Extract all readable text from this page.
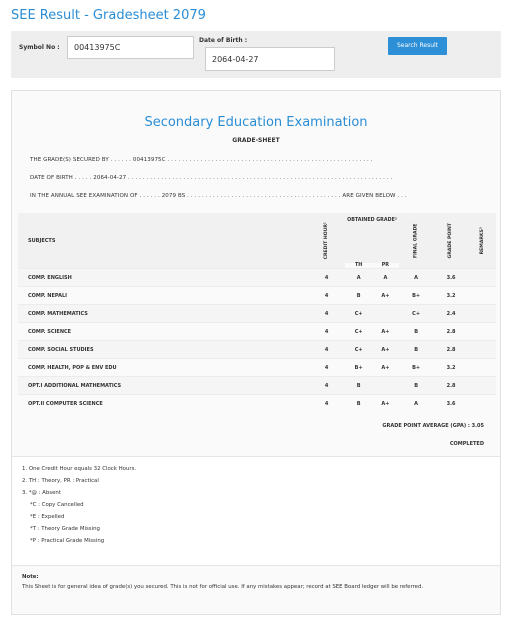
SEE Result - Gradesheet 2079
Symbol No :	00413975C
Date of Birth :
2064-04-27
Search Result
Secondary Education Examination
GRADE-SHEET
THE GRADE(S) SECURED BY . . . . . . 00413975C . . . . . . . . . . . . . . . . . . . . . . . . . . . . . . . . . . . . . . . . . . . . . . . . . . . . . . . .
DATE OF BIRTH . . . . . 2064-04-27 . . . . . . . . . . . . . . . . . . . . . . . . . . . . . . . . . . . . . . . . . . . . . . . . . . . . . . . . . . . . . . . . . . . . . . . .
IN THE ANNUAL SEE EXAMINATION OF . . . . . . 2079 BS . . . . . . . . . . . . . . . . . . . . . . . . . . . . . . . . . . . . . . . . . . ARE GIVEN BELOW . . .
SUBJECTS	CREDIT HOUR¹	OBTAINED GRADE²		FINAL GRADE	GRADE POINT	REMARKS³

		TH	PR			
COMP. ENGLISH	4	A	A	A	3.6	
COMP. NEPALI	4	B	A+	B+	3.2	
COMP. MATHEMATICS	4	C+		C+	2.4	
COMP. SCIENCE	4	C+	A+	B	2.8	
COMP. SOCIAL STUDIES	4	C+	A+	B	2.8	
COMP. HEALTH, POP & ENV EDU	4	B+	A+	B+	3.2	
OPT.I ADDITIONAL MATHEMATICS	4	B		B	2.8	
OPT.II COMPUTER SCIENCE	4	B	A+	A	3.6	
GRADE POINT AVERAGE (GPA) : 3.05
COMPLETED
1. One Credit Hour equals 32 Clock Hours.
2. TH : Theory, PR : Practical
3. *@ : Absent
*C : Copy Cancelled
*E : Expelled
*T : Theory Grade Missing
*P : Practical Grade Missing
Note:
This Sheet is for general idea of grade(s) you secured. This is not for official use. If any mistakes appear; record at SEE Board ledger will be referred.
